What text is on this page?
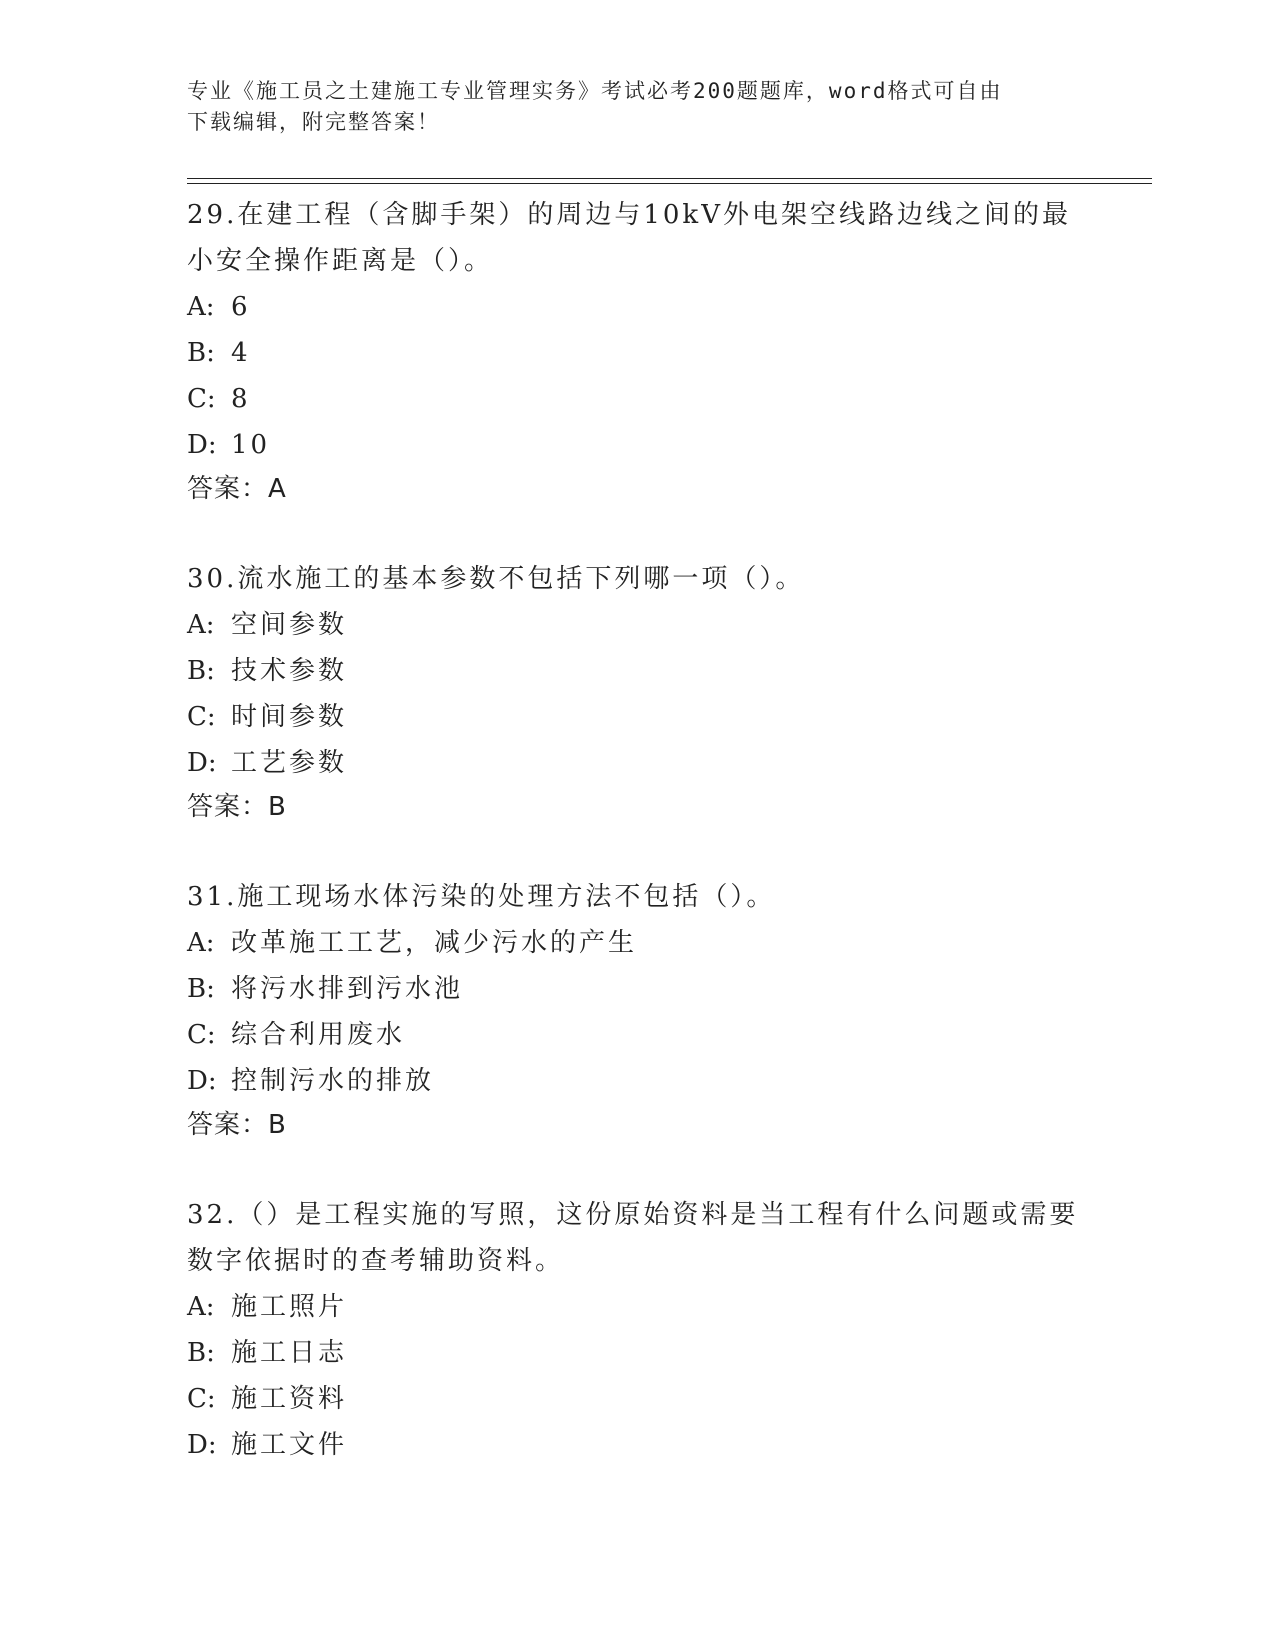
专业《施工员之土建施工专业管理实务》考试必考200题题库，word格式可自由
下载编辑，附完整答案！
29.在建工程（含脚手架）的周边与10kV外电架空线路边线之间的最
小安全操作距离是（）。
A: 6
B: 4
C: 8
D: 10
答案：A
30.流水施工的基本参数不包括下列哪一项（）。
A: 空间参数
B: 技术参数
C: 时间参数
D: 工艺参数
答案：B
31.施工现场水体污染的处理方法不包括（）。
A: 改革施工工艺，减少污水的产生
B: 将污水排到污水池
C: 综合利用废水
D: 控制污水的排放
答案：B
32.（）是工程实施的写照，这份原始资料是当工程有什么问题或需要
数字依据时的查考辅助资料。
A: 施工照片
B: 施工日志
C: 施工资料
D: 施工文件
